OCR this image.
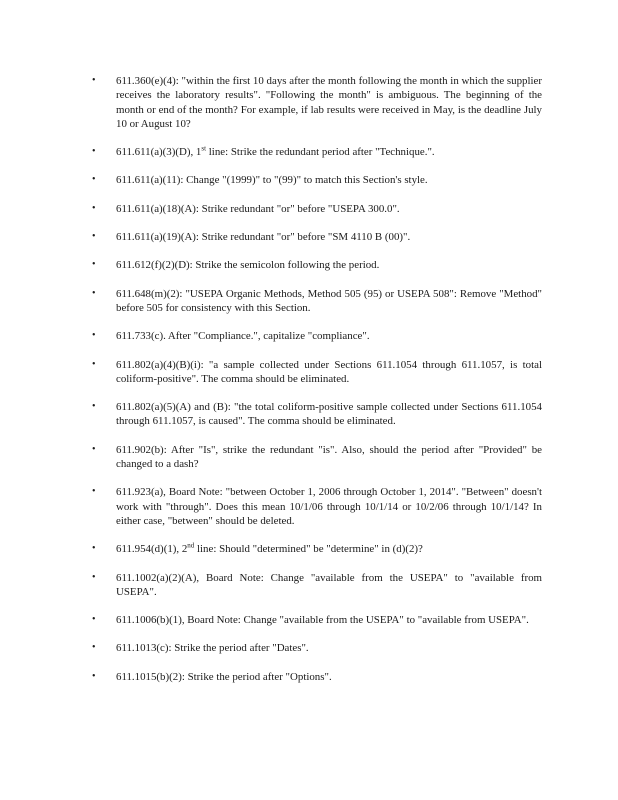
• 611.360(e)(4): "within the first 10 days after the month following the month in which the supplier receives the laboratory results". "Following the month" is ambiguous. The beginning of the month or end of the month? For example, if lab results were received in May, is the deadline July 10 or August 10?
• 611.611(a)(3)(D), 1st line: Strike the redundant period after "Technique.".
• 611.611(a)(11): Change "(1999)" to "(99)" to match this Section's style.
• 611.611(a)(18)(A): Strike redundant "or" before "USEPA 300.0".
• 611.611(a)(19)(A): Strike redundant "or" before "SM 4110 B (00)".
• 611.612(f)(2)(D): Strike the semicolon following the period.
• 611.648(m)(2): "USEPA Organic Methods, Method 505 (95) or USEPA 508": Remove "Method" before 505 for consistency with this Section.
• 611.733(c). After "Compliance.", capitalize "compliance".
• 611.802(a)(4)(B)(i): "a sample collected under Sections 611.1054 through 611.1057, is total coliform-positive". The comma should be eliminated.
• 611.802(a)(5)(A) and (B): "the total coliform-positive sample collected under Sections 611.1054 through 611.1057, is caused". The comma should be eliminated.
• 611.902(b): After "Is", strike the redundant "is". Also, should the period after "Provided" be changed to a dash?
• 611.923(a), Board Note: "between October 1, 2006 through October 1, 2014". "Between" doesn't work with "through". Does this mean 10/1/06 through 10/1/14 or 10/2/06 through 10/1/14? In either case, "between" should be deleted.
• 611.954(d)(1), 2nd line: Should "determined" be "determine" in (d)(2)?
• 611.1002(a)(2)(A), Board Note: Change "available from the USEPA" to "available from USEPA".
• 611.1006(b)(1), Board Note: Change "available from the USEPA" to "available from USEPA".
• 611.1013(c): Strike the period after "Dates".
• 611.1015(b)(2): Strike the period after "Options".
